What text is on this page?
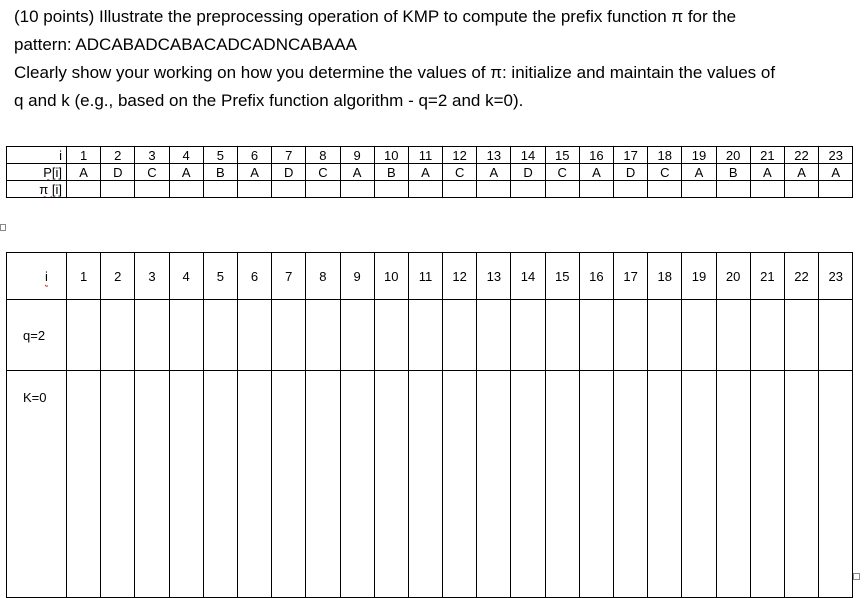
(10 points) Illustrate the preprocessing operation of KMP to compute the prefix function π for the

pattern: ADCABADCABACADCADNCABAAA

Clearly show your working on how you determine the values of π: initialize and maintain the values of

q and k (e.g., based on the Prefix function algorithm - q=2 and k=0).

i	1	2	3	4	5	6	7	8	9	10	11	12	13	14	15	16	17	18	19	20	21	22	23
P[i]	A	D	C	A	B	A	D	C	A	B	A	C	A	D	C	A	D	C	A	B	A	A	A
π [i]																							
i	1	2	3	4	5	6	7	8	9	10	11	12	13	14	15	16	17	18	19	20	21	22	23
q=2																							
K=0																							
